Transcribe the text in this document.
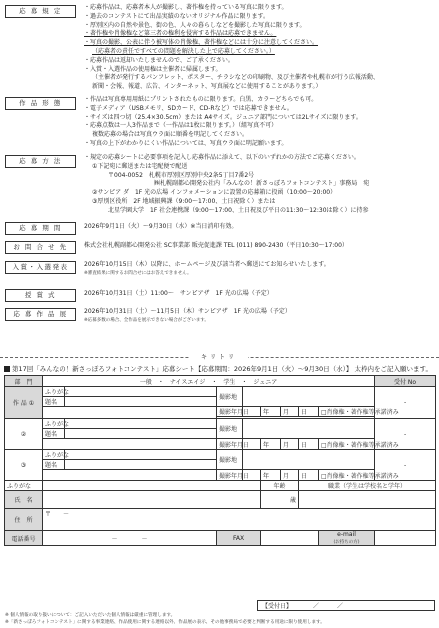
応 募 規 定	・応募作品は、応募者本人が撮影し、著作権を持っている写真に限ります。
・過去のコンテストにて出品実績のないオリジナル作品に限ります。
・厚別区内の自然や景色、街の色、人々の暮らしなどを撮影した写真に限ります。
・著作権や肖像権など第三者の権利を侵害する作品は応募できません。
・写真の撮影、公表に伴う被写体の肖像権、著作権などには十分に注意してください。
（応募者の責任ですべての問題を解決した上で応募してください。）
・応募作品は返却いたしませんので、ご了承ください。
・入賞・入選作品の使用権は主催者に帰属します。
（主催者が発行するパンフレット、ポスター、チラシなどの印刷物、及び主催者や札幌市が行う広報活動、
新聞・会報、報道、広告、インターネット、写真展などに使用することがあります。）
作 品 形 態	・作品は写真専用用紙にプリントされたものに限ります。白黒、カラーどちらでも可。
・電子メディア（USBメモリ、SDカード、CD-Rなど）では応募できません。
・サイズは四つ切（25.4×30.5cm）または A4サイズ。ジュニア部門については2Lサイズに限ります。
・応募点数は一人3作品まで（一作品は1枚に限ります。）（組写真不可）
複数応募の場合は写真ウラ面に順番を明記してください。
・写真の上下がわかりにくい作品については、写真ウラ面に明記願います。
応 募 方 法	・規定の応募シートに必要事項を記入し応募作品に添えて、以下のいずれかの方法でご応募ください。
①下記宛に郵送または宅配便で配送
〒004-0052　札幌市厚別区厚別中央2条5丁目7番2号
㈱札幌副都心開発公社内「みんなの！新さっぽろフォトコンテスト」事務局　宛
②サンピア ダ　1F 光の広場 インフォメーションに設置の応募箱に投函（10:00～20:00）
③厚別区役所　2F 地域振興課（9:00～17:00、土日祝除く）または
北星学園大学　1F 社会連携課（9:00～17:00、土日祝及び平日の11:30～12:30は除く）に持参
応 募 期 間	2026年9月1日（火）～9月30日（水）※当日消印有効。
お 問 合 せ 先	株式会社札幌副都心開発公社 SC事業部 販売促進課 TEL (011) 890-2430（平日10:30～17:00）
入賞・入選発表	2026年10月15日（木）以降に、ホームページ及び該当者へ郵送にてお知らせいたします。
※審査結果に関するお問合せにはお答えできません。
授 賞 式	2026年10月31日（土）11:00～　サンピアザ　1F 光の広場（予定）
応 募 作 品 展	2026年10月31日（土）～11月5日（木）サンピアザ　1F 光の広場（予定）
※応募多数の場合、全作品を展示できない場合がございます。
キリトリ
第17回「みんなの！新さっぽろフォトコンテスト」応募シート【応募期間：2026年9月1日（火）～9月30日（水）】 太枠内をご記入願います。
部　門	一般　・　ナイスエイジ　・　学生　・　ジュニア								受付 No
作 品 ①	ふりがな		撮影地						-
	題名								
			撮影年月日		年	月	日	□肖像権・著作権等承諾済み	

②	ふりがな		撮影地						-
	題名								
			撮影年月日		年	月	日	□肖像権・著作権等承諾済み	
③	ふりがな		撮影地						-
	題名								
			撮影年月日		年	月	日	□肖像権・著作権等承諾済み	
ふりがな					年齢		職業（学生は学校名と学年）		
氏　名					歳				
住　所	〒　　－								
電話番号	－　　　　－		FAX					e-mail
(お持ちの方)	
【受付日】　　　　／　　　／
※ 個人情報の取り扱いについて：ご記入いただいた個人情報は厳重に管理します。
※「新さっぽろフォトコンテスト」に関する事業連絡、作品使用に関する連絡以外、作品展の表示、その他事務局で必要と判断する用途に限り使用します。
